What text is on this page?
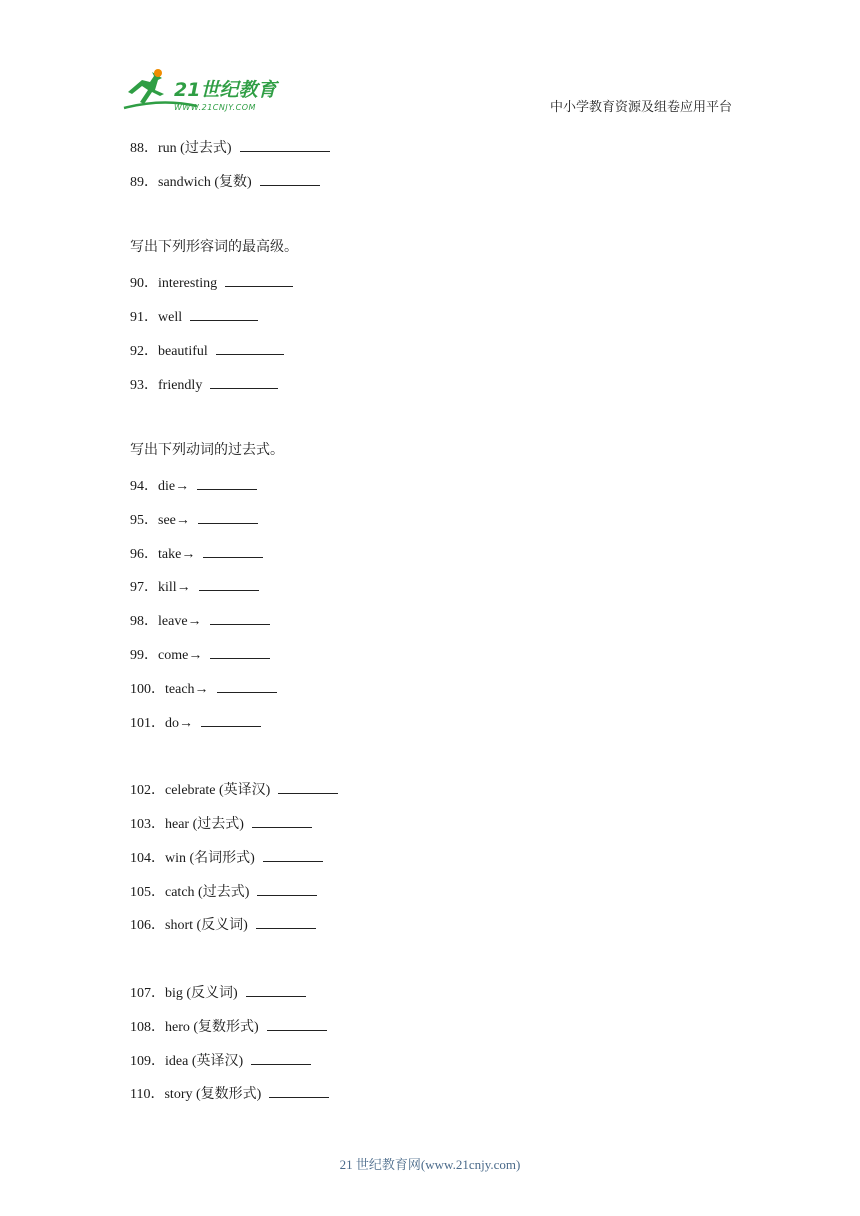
21世纪教育
WWW.21CNJY.COM	中小学教育资源及组卷应用平台
88．run (过去式)
89．sandwich (复数)
写出下列形容词的最高级。
90．interesting
91．well
92．beautiful
93．friendly
写出下列动词的过去式。
94．die→
95．see→
96．take→
97．kill→
98．leave→
99．come→
100．teach→
101．do→
102．celebrate (英译汉)
103．hear (过去式)
104．win (名词形式)
105．catch (过去式)
106．short (反义词)
107．big (反义词)
108．hero (复数形式)
109．idea (英译汉)
110．story (复数形式)
21 世纪教育网(www.21cnjy.com)
